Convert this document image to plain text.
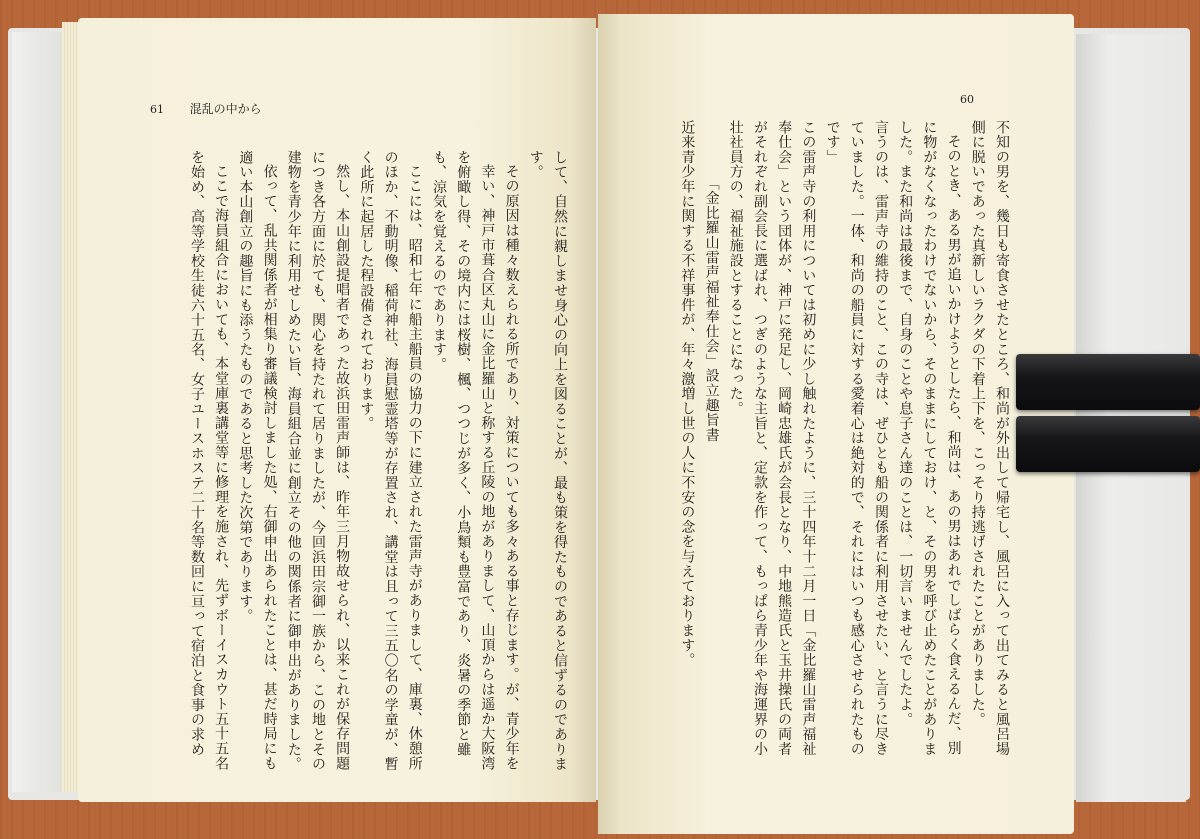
61 混乱の中から

して、自然に親しませ身心の向上を図ることが、最も策を得たものであると信ずるのでありま

す。

その原因は種々数えられる所であり、対策についても多々ある事と存じます。が、青少年を

幸い、神戸市葺合区丸山に金比羅山と称する丘陵の地がありまして、山頂からは遥か大阪湾を俯瞰し得、その境内には桜樹、楓、つつじが多く、小鳥類も豊富であり、炎暑の季節と雖も、涼気を覚えるのであります。

ここには、昭和七年に船主船員の協力の下に建立された雷声寺がありまして、庫裏、休憩所のほか、不動明像、稲荷神社、海員慰霊塔等が存置され、講堂は且って三五〇名の学童が、暫く此所に起居した程設備されております。

然し、本山創設提唱者であった故浜田雷声師は、昨年三月物故せられ、以来これが保存問題につき各方面に於ても、関心を持たれて居りましたが、今回浜田宗御一族から、この地とその建物を青少年に利用せしめたい旨、海員組合並に創立その他の関係者に御申出がありました。

依って、乱共関係者が相集り審議検討しました処、右御申出あられたことは、甚だ時局にも適い本山創立の趣旨にも添うたものであると思考した次第であります。

ここで海員組合においても、本堂庫裏講堂等に修理を施され、先ずボーイスカウト五十五名を始め、高等学校生徒六十五名、女子ユースホステ二十名等数回に亘って宿泊と食事の求め

60

不知の男を、幾日も寄食させたところ、和尚が外出して帰宅し、風呂に入って出てみると風呂場側に脱いであった真新しいラクダの下着上下を、こっそり持逃げされたことがありました。

そのとき、ある男が追いかけようとしたら、和尚は、あの男はあれでしばらく食えるんだ、別に物がなくなったわけでないから、そのままにしておけ、と、その男を呼び止めたことがありました。また和尚は最後まで、自身のことや息子さん達のことは、一切言いませんでしたよ。

言うのは、雷声寺の維持のこと、この寺は、ぜひとも船の関係者に利用させたい、と言うに尽きていました。一体、和尚の船員に対する愛着心は絶対的で、それにはいつも感心させられたものです」

この雷声寺の利用については初めに少し触れたように、三十四年十二月一日「金比羅山雷声福祉奉仕会」という団体が、神戸に発足し、岡崎忠雄氏が会長となり、中地熊造氏と玉井操氏の両者がそれぞれ副会長に選ばれ、つぎのような主旨と、定款を作って、もっぱら青少年や海運界の小壮社員方の、福祉施設とすることになった。

「金比羅山雷声福祉奉仕会」設立趣旨書

近来青少年に関する不祥事件が、年々激増し世の人に不安の念を与えております。
